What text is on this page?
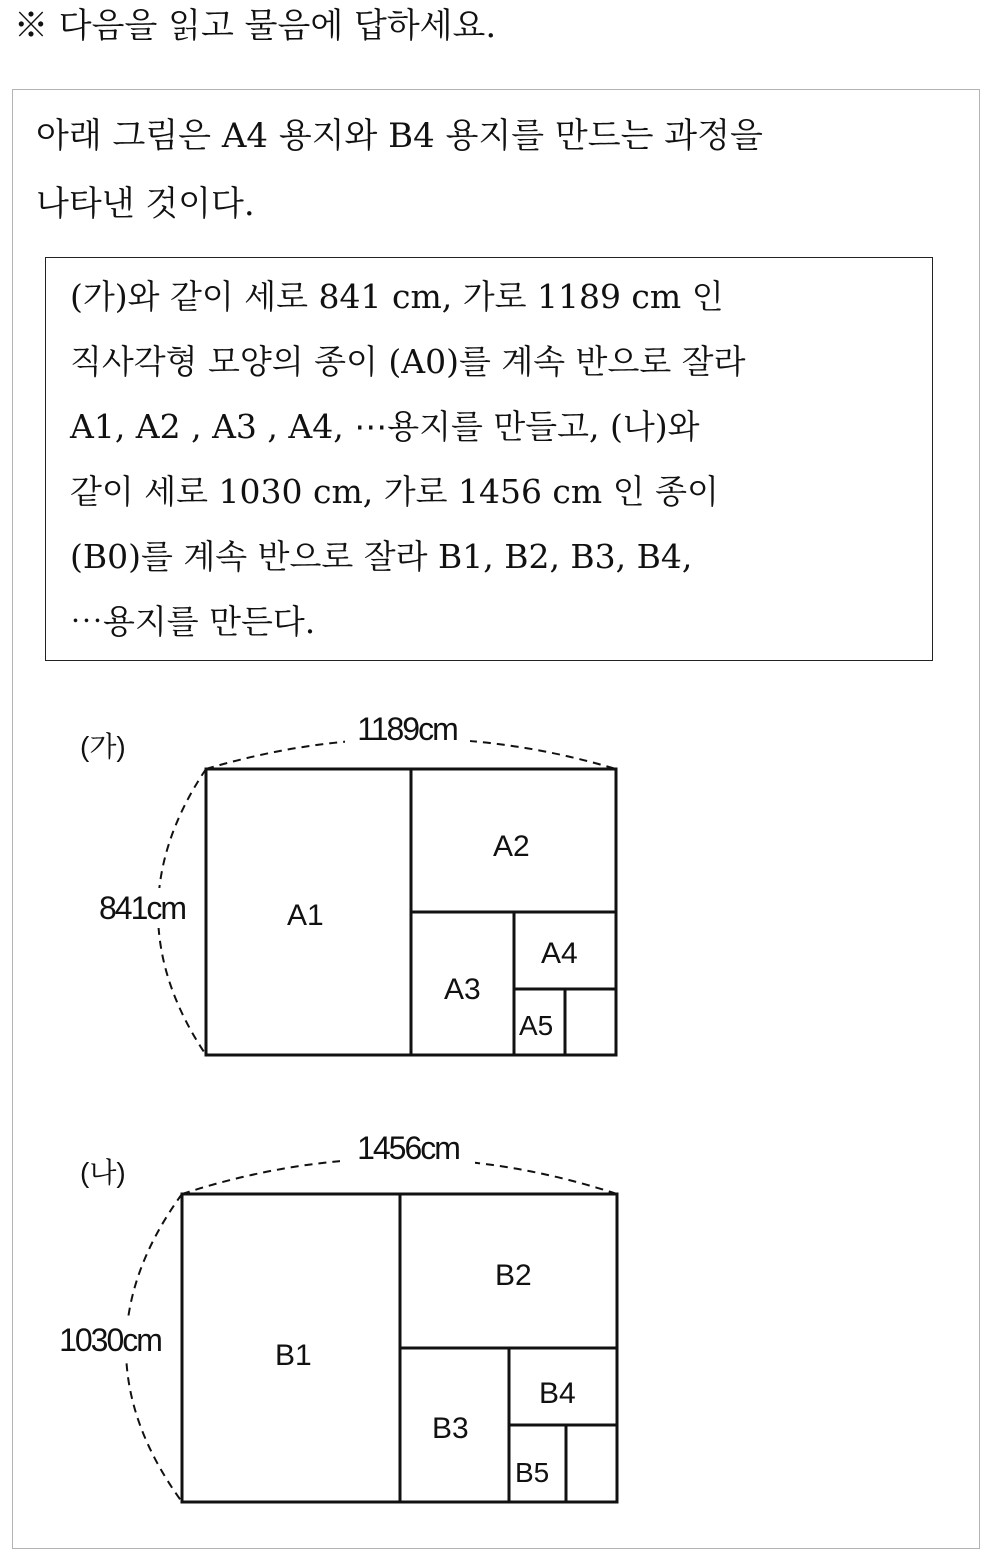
※ 다음을 읽고 물음에 답하세요.
아래 그림은 A4 용지와 B4 용지를 만드는 과정을
나타낸 것이다.
(가)와 같이 세로 841 cm, 가로 1189 cm 인
직사각형 모양의 종이 (A0)를 계속 반으로 잘라
A1, A2 , A3 , A4, ⋯용지를 만들고, (나)와
같이 세로 1030 cm, 가로 1456 cm 인 종이
(B0)를 계속 반으로 잘라 B1, B2, B3, B4,
⋯용지를 만든다.
(가)	1189cm
841cm	A1
A2
A3
A4
A5
(나)
1456cm
1030cm	B1
B2
B3
B4
B5
